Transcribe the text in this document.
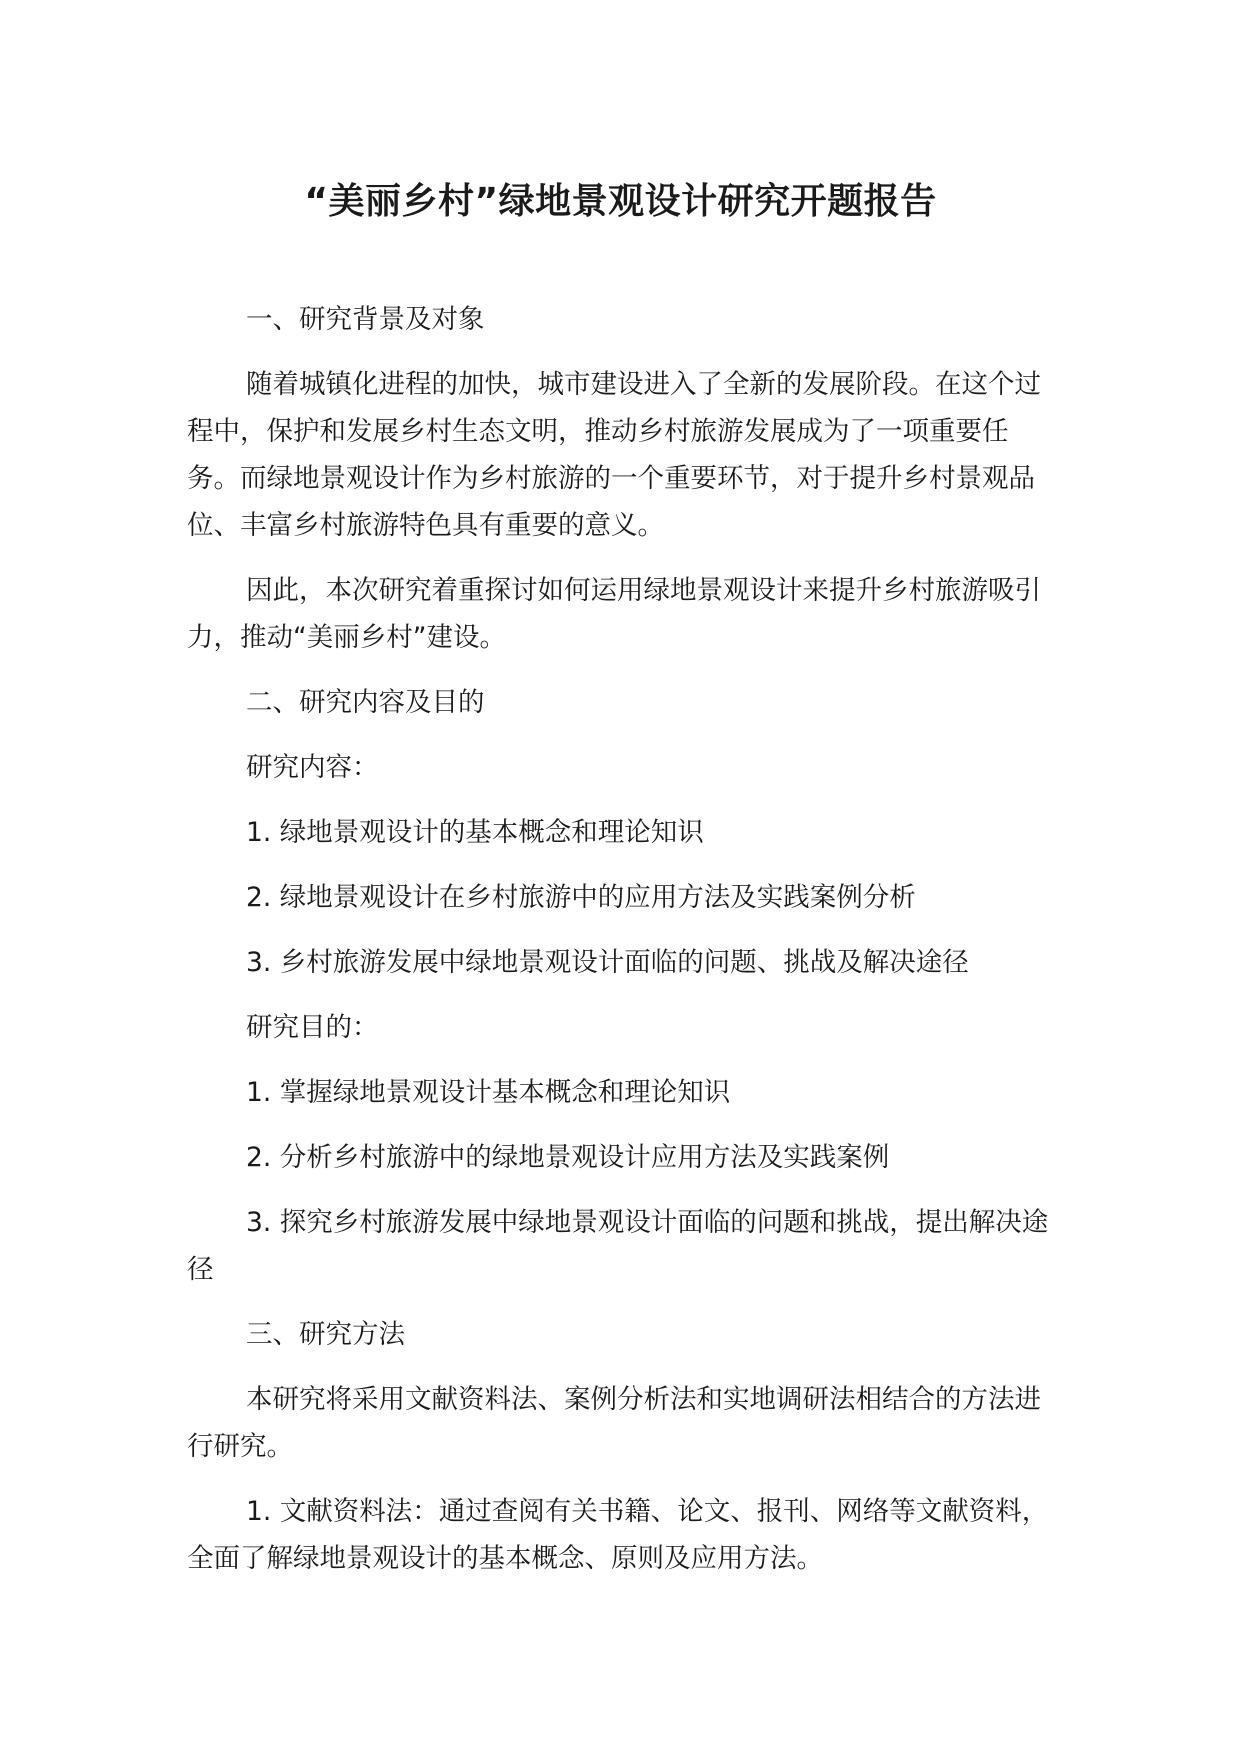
“美丽乡村”绿地景观设计研究开题报告

一、研究背景及对象

随着城镇化进程的加快，城市建设进入了全新的发展阶段。在这个过程中，保护和发展乡村生态文明，推动乡村旅游发展成为了一项重要任务。而绿地景观设计作为乡村旅游的一个重要环节，对于提升乡村景观品位、丰富乡村旅游特色具有重要的意义。

因此，本次研究着重探讨如何运用绿地景观设计来提升乡村旅游吸引力，推动“美丽乡村”建设。

二、研究内容及目的

研究内容：

1. 绿地景观设计的基本概念和理论知识

2. 绿地景观设计在乡村旅游中的应用方法及实践案例分析

3. 乡村旅游发展中绿地景观设计面临的问题、挑战及解决途径

研究目的：

1. 掌握绿地景观设计基本概念和理论知识

2. 分析乡村旅游中的绿地景观设计应用方法及实践案例

3. 探究乡村旅游发展中绿地景观设计面临的问题和挑战，提出解决途径

三、研究方法

本研究将采用文献资料法、案例分析法和实地调研法相结合的方法进行研究。

1. 文献资料法：通过查阅有关书籍、论文、报刊、网络等文献资料，全面了解绿地景观设计的基本概念、原则及应用方法。
